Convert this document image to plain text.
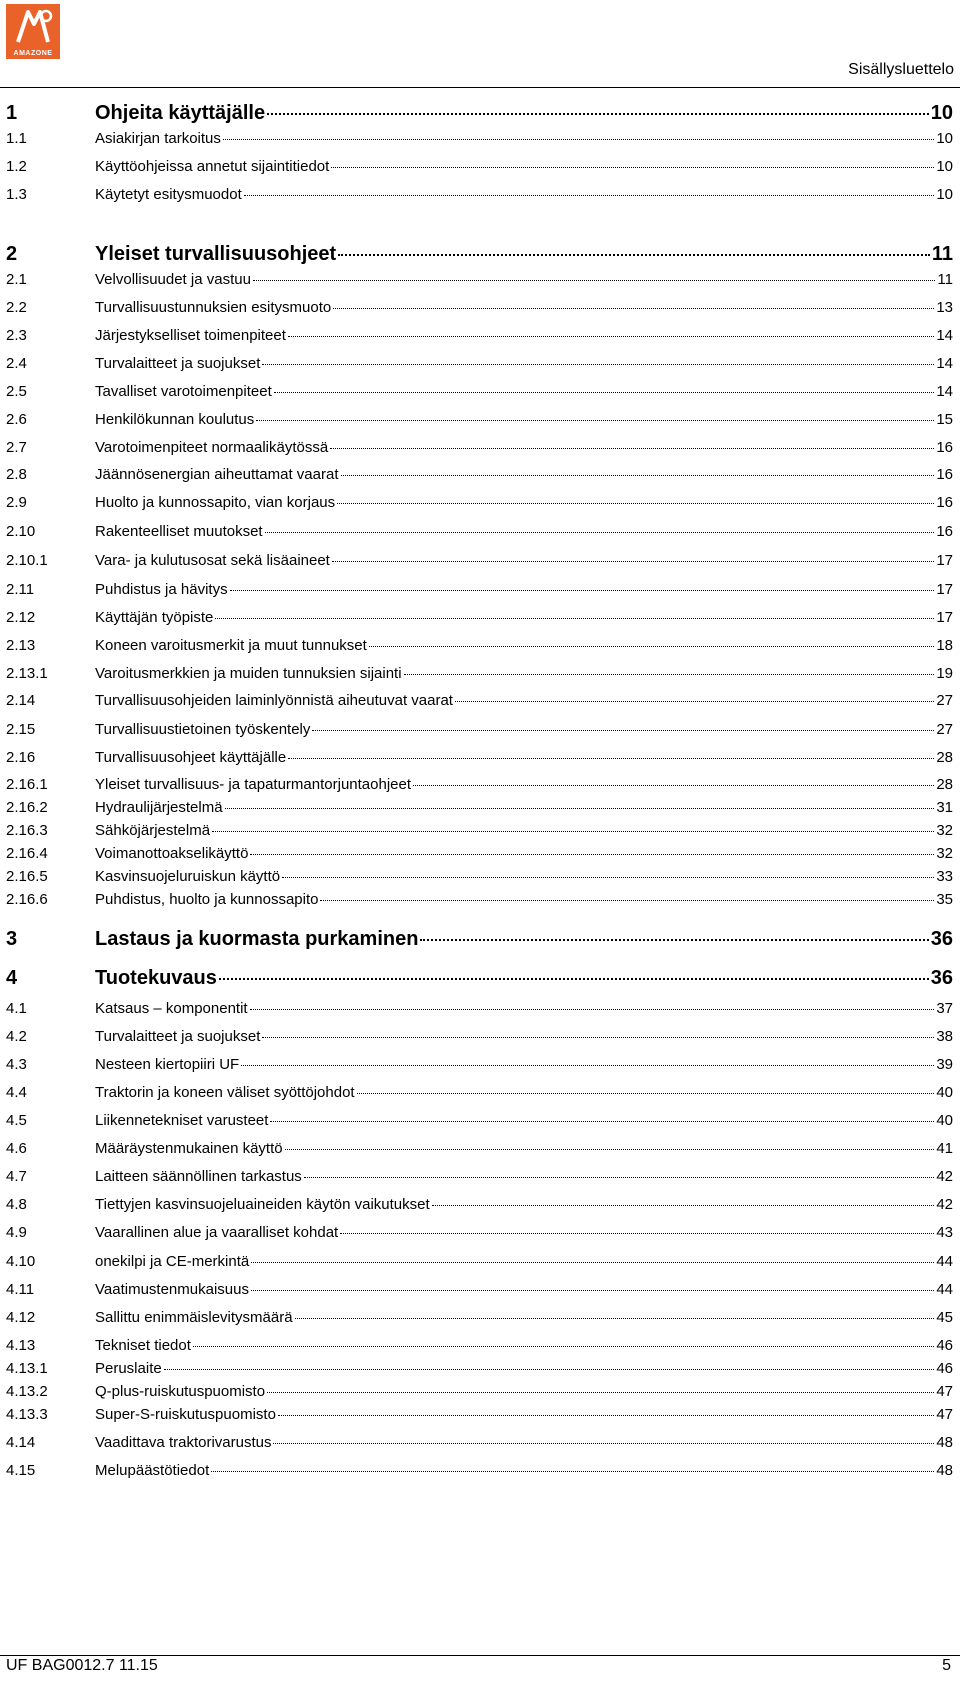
AMAZONE
Sisällysluettelo
1	Ohjeita käyttäjälle	10
1.1	Asiakirjan tarkoitus	10
1.2	Käyttöohjeissa annetut sijaintitiedot	10
1.3	Käytetyt esitysmuodot	10
2	Yleiset turvallisuusohjeet	11
2.1	Velvollisuudet ja vastuu	11
2.2	Turvallisuustunnuksien esitysmuoto	13
2.3	Järjestykselliset toimenpiteet	14
2.4	Turvalaitteet ja suojukset	14
2.5	Tavalliset varotoimenpiteet	14
2.6	Henkilökunnan koulutus	15
2.7	Varotoimenpiteet normaalikäytössä	16
2.8	Jäännösenergian aiheuttamat vaarat	16
2.9	Huolto ja kunnossapito, vian korjaus	16
2.10	Rakenteelliset muutokset	16
2.10.1	Vara- ja kulutusosat sekä lisäaineet	17
2.11	Puhdistus ja hävitys	17
2.12	Käyttäjän työpiste	17
2.13	Koneen varoitusmerkit ja muut tunnukset	18
2.13.1	Varoitusmerkkien ja muiden tunnuksien sijainti	19
2.14	Turvallisuusohjeiden laiminlyönnistä aiheutuvat vaarat	27
2.15	Turvallisuustietoinen työskentely	27
2.16	Turvallisuusohjeet käyttäjälle	28
2.16.1	Yleiset turvallisuus- ja tapaturmantorjuntaohjeet	28
2.16.2	Hydraulijärjestelmä	31
2.16.3	Sähköjärjestelmä	32
2.16.4	Voimanottoakselikäyttö	32
2.16.5	Kasvinsuojeluruiskun käyttö	33
2.16.6	Puhdistus, huolto ja kunnossapito	35
3	Lastaus ja kuormasta purkaminen	36
4	Tuotekuvaus	36
4.1	Katsaus – komponentit	37
4.2	Turvalaitteet ja suojukset	38
4.3	Nesteen kiertopiiri UF	39
4.4	Traktorin ja koneen väliset syöttöjohdot	40
4.5	Liikennetekniset varusteet	40
4.6	Määräystenmukainen käyttö	41
4.7	Laitteen säännöllinen tarkastus	42
4.8	Tiettyjen kasvinsuojeluaineiden käytön vaikutukset	42
4.9	Vaarallinen alue ja vaaralliset kohdat	43
4.10	onekilpi ja CE-merkintä	44
4.11	Vaatimustenmukaisuus	44
4.12	Sallittu enimmäislevitysmäärä	45
4.13	Tekniset tiedot	46
4.13.1	Peruslaite	46
4.13.2	Q-plus-ruiskutuspuomisto	47
4.13.3	Super-S-ruiskutuspuomisto	47
4.14	Vaadittava traktorivarustus	48
4.15	Melupäästötiedot	48
UF BAG0012.7 11.15	5
